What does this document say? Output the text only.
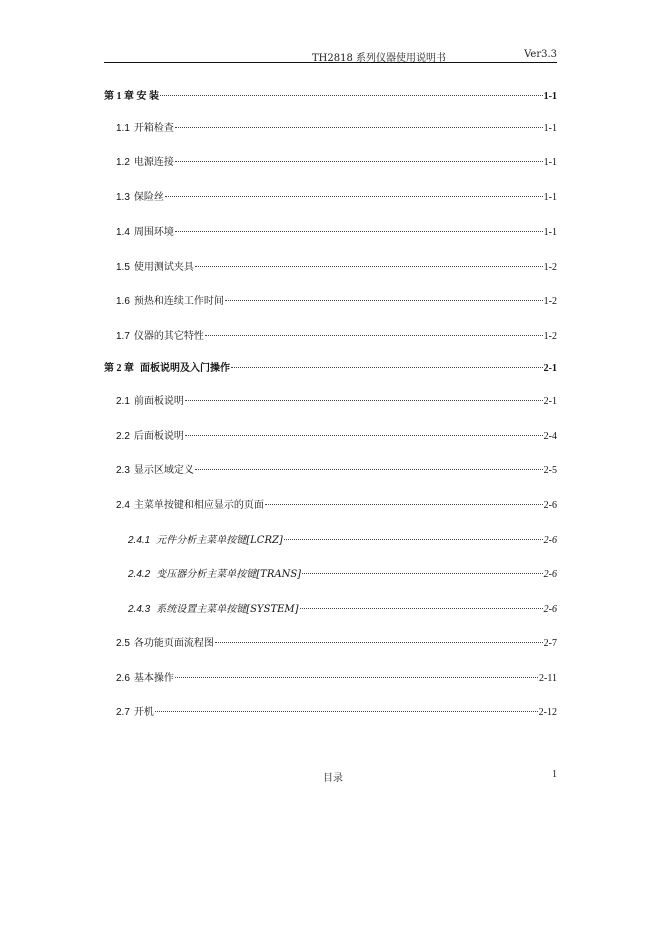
TH2818 系列仪器使用说明书	Ver3.3
第 1 章 安 装	1-1
1.1 开箱检查	1-1
1.2 电源连接	1-1
1.3 保险丝	1-1
1.4 周围环境	1-1
1.5 使用测试夹具	1-2
1.6 预热和连续工作时间	1-2
1.7 仪器的其它特性	1-2
第 2 章 面板说明及入门操作	2-1
2.1 前面板说明	2-1
2.2 后面板说明	2-4
2.3 显示区域定义	2-5
2.4 主菜单按键和相应显示的页面	2-6
2.4.1 元件分析主菜单按键[LCRZ]	2-6
2.4.2 变压器分析主菜单按键[TRANS]	2-6
2.4.3 系统设置主菜单按键[SYSTEM]	2-6
2.5 各功能页面流程图	2-7
2.6 基本操作	2-11
2.7 开机	2-12
目录	1
